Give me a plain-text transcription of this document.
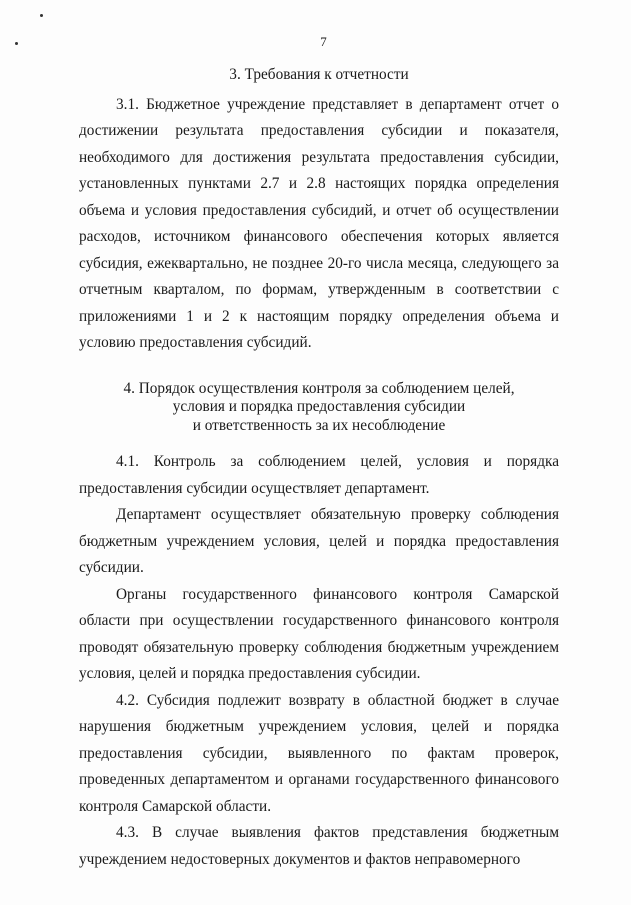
7

3. Требования к отчетности

3.1. Бюджетное учреждение представляет в департамент отчет о достижении результата предоставления субсидии и показателя, необходимого для достижения результата предоставления субсидии, установленных пунктами 2.7 и 2.8 настоящих порядка определения объема и условия предоставления субсидий, и отчет об осуществлении расходов, источником финансового обеспечения которых является субсидия, ежеквартально, не позднее 20-го числа месяца, следующего за отчетным кварталом, по формам, утвержденным в соответствии с приложениями 1 и 2 к настоящим порядку определения объема и условию предоставления субсидий.

4. Порядок осуществления контроля за соблюдением целей,

условия и порядка предоставления субсидии

и ответственность за их несоблюдение

4.1. Контроль за соблюдением целей, условия и порядка предоставления субсидии осуществляет департамент.

Департамент осуществляет обязательную проверку соблюдения бюджетным учреждением условия, целей и порядка предоставления субсидии.

Органы государственного финансового контроля Самарской области при осуществлении государственного финансового контроля проводят обязательную проверку соблюдения бюджетным учреждением условия, целей и порядка предоставления субсидии.

4.2. Субсидия подлежит возврату в областной бюджет в случае нарушения бюджетным учреждением условия, целей и порядка предоставления субсидии, выявленного по фактам проверок, проведенных департаментом и органами государственного финансового контроля Самарской области.

4.3. В случае выявления фактов представления бюджетным учреждением недостоверных документов и фактов неправомерного
